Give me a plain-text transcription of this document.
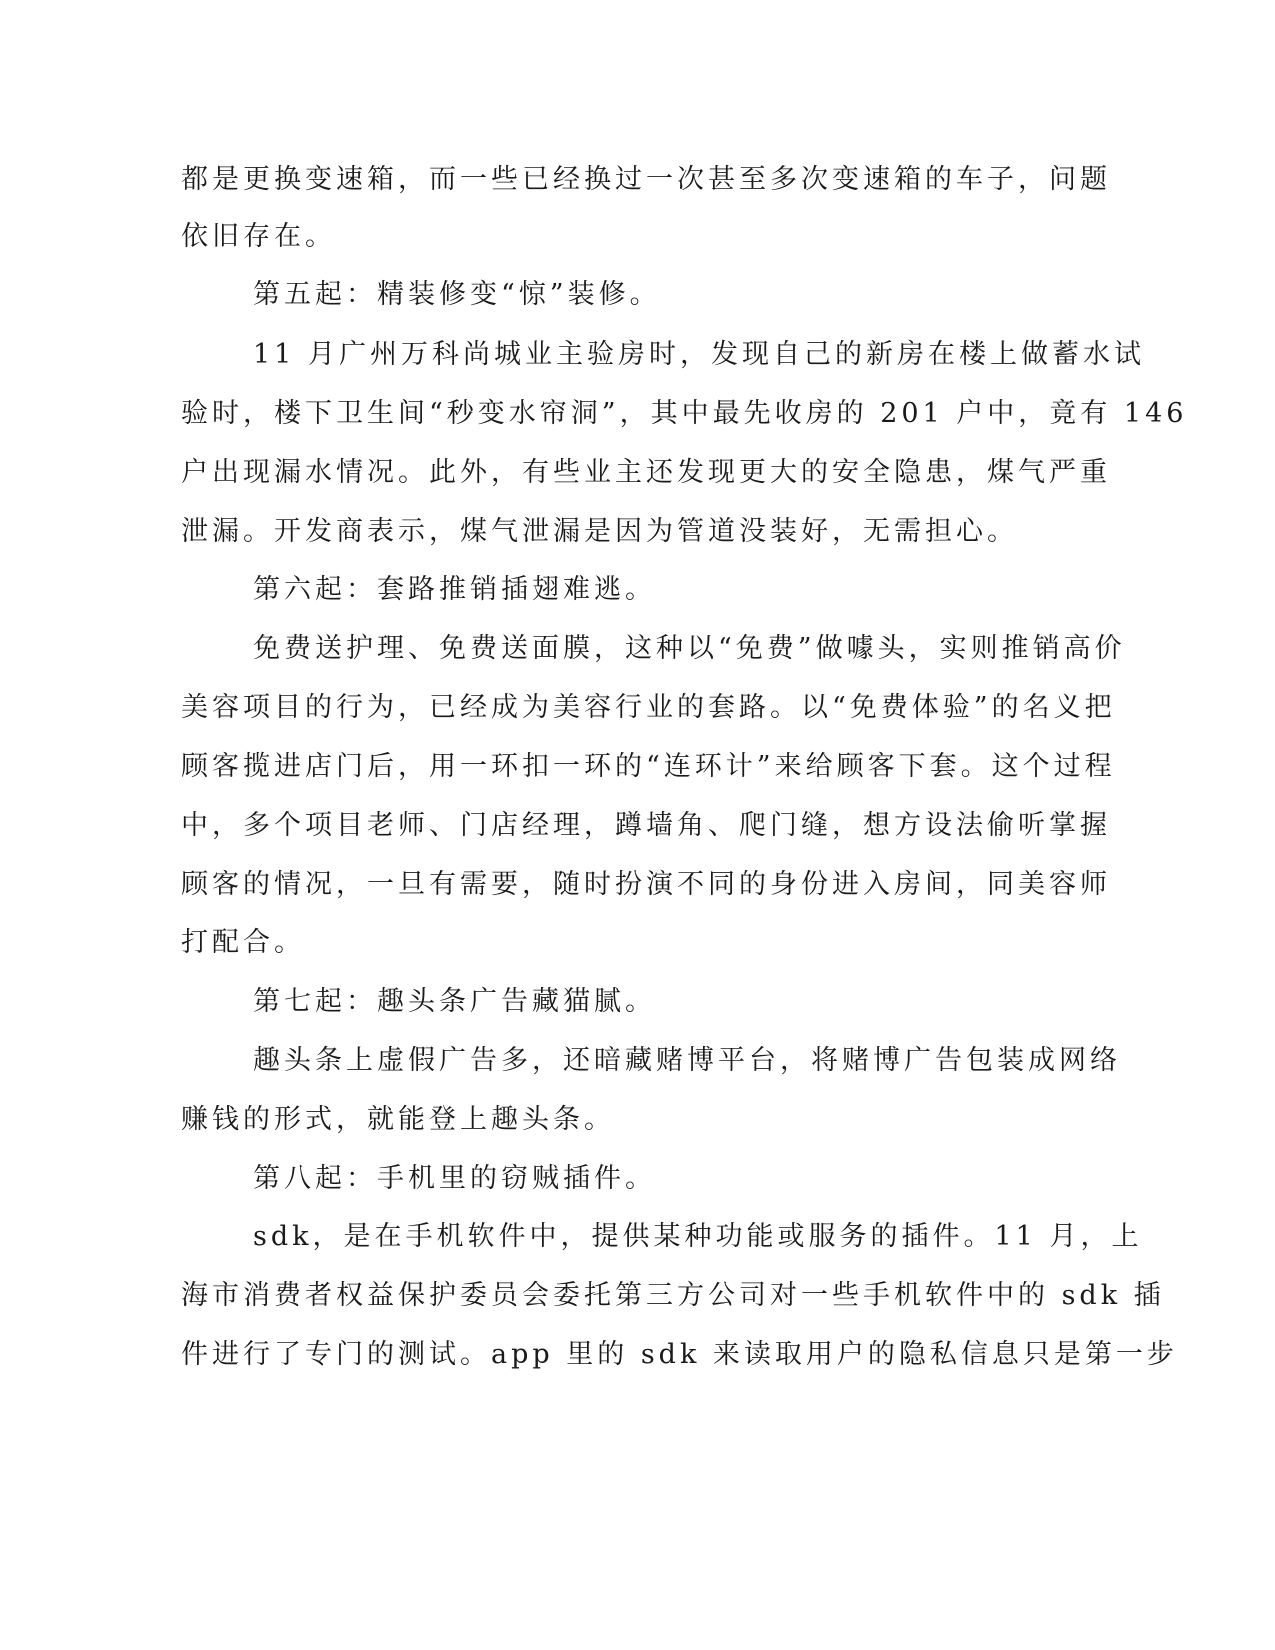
都是更换变速箱，而一些已经换过一次甚至多次变速箱的车子，问题
依旧存在。
第五起：精装修变“惊”装修。
11 月广州万科尚城业主验房时，发现自己的新房在楼上做蓄水试
验时，楼下卫生间“秒变水帘洞”，其中最先收房的 201 户中，竟有 146
户出现漏水情况。此外，有些业主还发现更大的安全隐患，煤气严重
泄漏。开发商表示，煤气泄漏是因为管道没装好，无需担心。
第六起：套路推销插翅难逃。
免费送护理、免费送面膜，这种以“免费”做噱头，实则推销高价
美容项目的行为，已经成为美容行业的套路。以“免费体验”的名义把
顾客揽进店门后，用一环扣一环的“连环计”来给顾客下套。这个过程
中，多个项目老师、门店经理，蹲墙角、爬门缝，想方设法偷听掌握
顾客的情况，一旦有需要，随时扮演不同的身份进入房间，同美容师
打配合。
第七起：趣头条广告藏猫腻。
趣头条上虚假广告多，还暗藏赌博平台，将赌博广告包装成网络
赚钱的形式，就能登上趣头条。
第八起：手机里的窃贼插件。
sdk，是在手机软件中，提供某种功能或服务的插件。11 月，上
海市消费者权益保护委员会委托第三方公司对一些手机软件中的 sdk 插
件进行了专门的测试。app 里的 sdk 来读取用户的隐私信息只是第一步
